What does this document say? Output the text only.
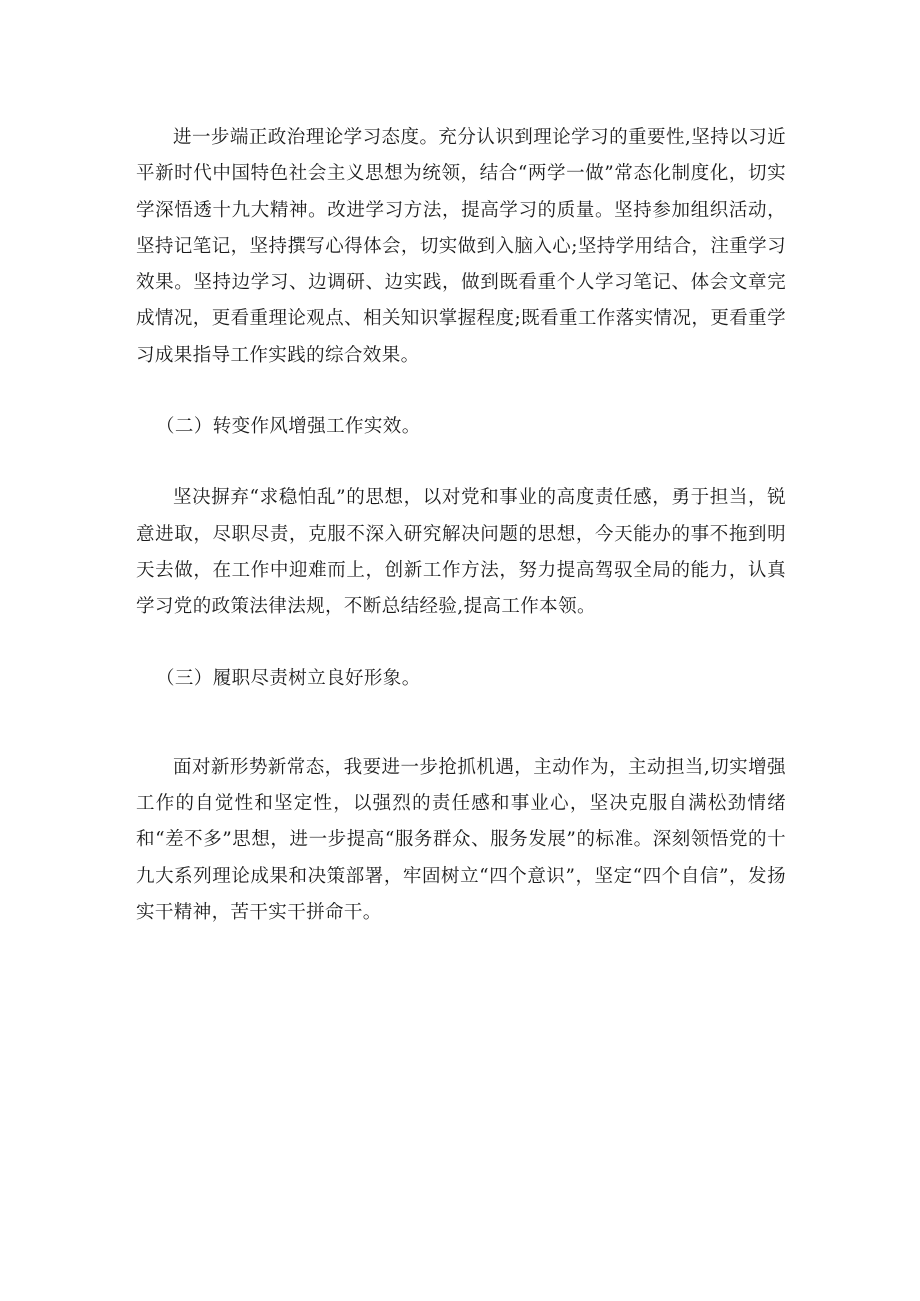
进一步端正政治理论学习态度。充分认识到理论学习的重要性,坚持以习近平新时代中国特色社会主义思想为统领，结合“两学一做”常态化制度化，切实学深悟透十九大精神。改进学习方法，提高学习的质量。坚持参加组织活动，坚持记笔记，坚持撰写心得体会，切实做到入脑入心;坚持学用结合，注重学习效果。坚持边学习、边调研、边实践，做到既看重个人学习笔记、体会文章完成情况，更看重理论观点、相关知识掌握程度;既看重工作落实情况，更看重学习成果指导工作实践的综合效果。

（二）转变作风增强工作实效。

坚决摒弃“求稳怕乱”的思想，以对党和事业的高度责任感，勇于担当，锐意进取，尽职尽责，克服不深入研究解决问题的思想，今天能办的事不拖到明天去做，在工作中迎难而上，创新工作方法，努力提高驾驭全局的能力，认真学习党的政策法律法规，不断总结经验,提高工作本领。

（三）履职尽责树立良好形象。

面对新形势新常态，我要进一步抢抓机遇，主动作为，主动担当,切实增强工作的自觉性和坚定性，以强烈的责任感和事业心，坚决克服自满松劲情绪和“差不多”思想，进一步提高“服务群众、服务发展”的标准。深刻领悟党的十九大系列理论成果和决策部署，牢固树立“四个意识”，坚定“四个自信”，发扬实干精神，苦干实干拼命干。
